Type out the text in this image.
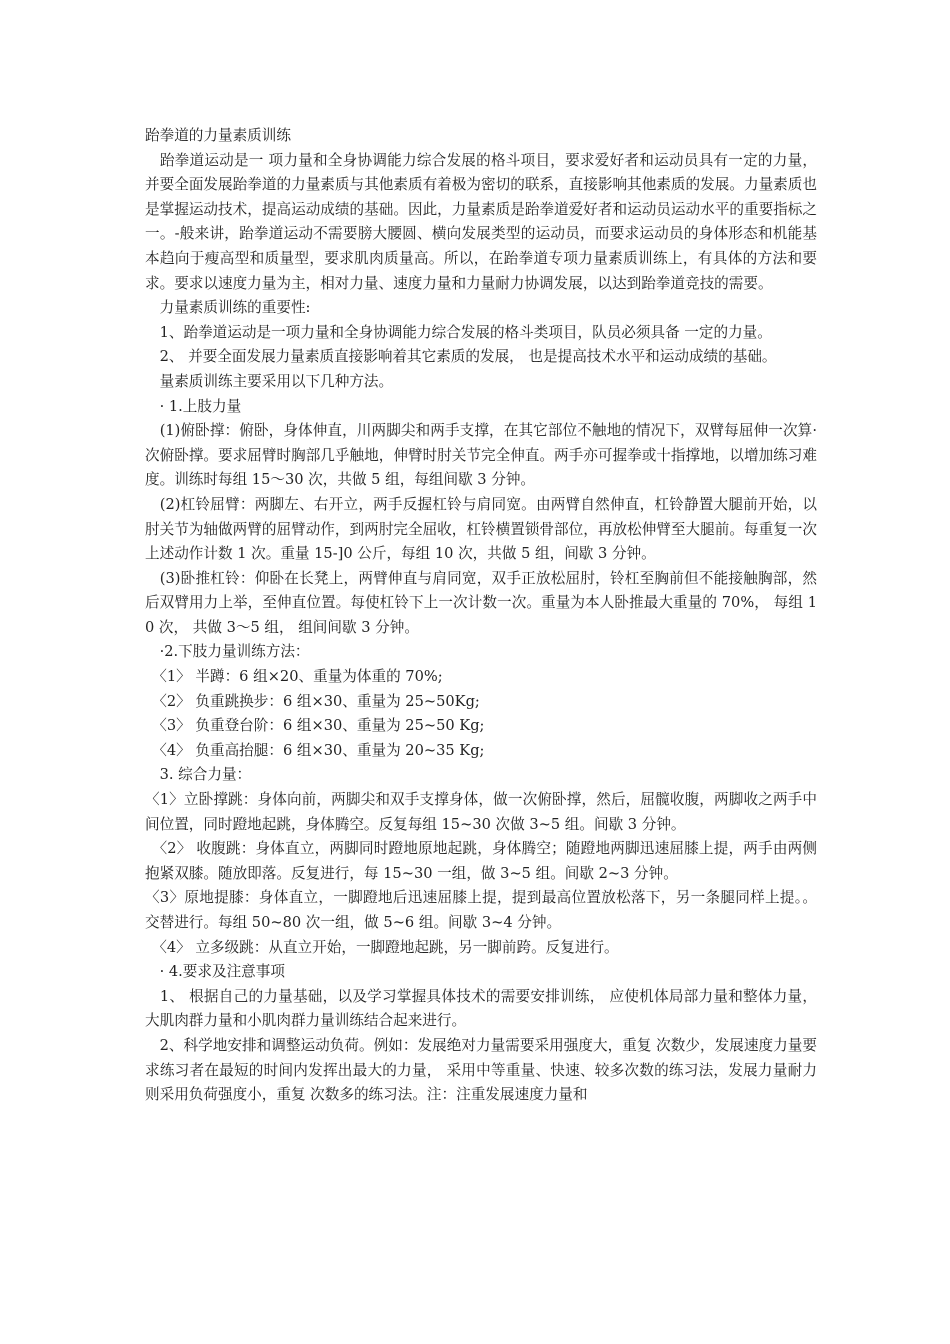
跆拳道的力量素质训练

　跆拳道运动是一 项力量和全身协调能力综合发展的格斗项目，要求爱好者和运动员具有一定的力量，并要全面发展跆拳道的力量素质与其他素质有着极为密切的联系，直接影响其他素质的发展。力量素质也是掌握运动技术，提高运动成绩的基础。因此，力量素质是跆拳道爱好者和运动员运动水平的重要指标之一。-般来讲，跆拳道运动不需要膀大腰圆、横向发展类型的运动员，而要求运动员的身体形态和机能基本趋向于瘦高型和质量型，要求肌肉质量高。所以，在跆拳道专项力量素质训练上，有具体的方法和要求。要求以速度力量为主，相对力量、速度力量和力量耐力协调发展，以达到跆拳道竞技的需要。

　力量素质训练的重要性:

　1、跆拳道运动是一项力量和全身协调能力综合发展的格斗类项目，队员必须具备 一定的力量。

　2、 并要全面发展力量素质直接影响着其它素质的发展， 也是提高技术水平和运动成绩的基础。

　量素质训练主要采用以下几种方法。

　· 1.上肢力量

　(1)俯卧撑：俯卧，身体伸直，川两脚尖和两手支撑，在其它部位不触地的情况下，双臂每屈伸一次算·次俯卧撑。要求屈臂时胸部几乎触地，伸臂时肘关节完全伸直。两手亦可握拳或十指撑地，以增加练习难度。训练时每组 15～30 次，共做 5 组，每组间歇 3 分钟。

　(2)杠铃屈臂：两脚左、右开立，两手反握杠铃与肩同宽。由两臂自然伸直，杠铃静置大腿前开始，以肘关节为轴做两臂的屈臂动作，到两肘完全屈收，杠铃横置锁骨部位，再放松伸臂至大腿前。每重复一次上述动作计数 1 次。重量 15-]0 公斤，每组 10 次，共做 5 组，间歇 3 分钟。

　(3)卧推杠铃：仰卧在长凳上，两臂伸直与肩同宽，双手正放松屈肘，铃杠至胸前但不能接触胸部，然后双臂用力上举，至伸直位置。每使杠铃下上一次计数一次。重量为本人卧推最大重量的 70%， 每组 10 次， 共做 3～5 组， 组间间歇 3 分钟。

　·2.下肢力量训练方法：

　〈1〉 半蹲：6 组×20、重量为体重的 70%;

　〈2〉 负重跳换步：6 组×30、重量为 25~50Kg;

　〈3〉 负重登台阶：6 组×30、重量为 25~50 Kg;

　〈4〉 负重高抬腿：6 组×30、重量为 20~35 Kg;

　3. 综合力量：

〈1〉立卧撑跳：身体向前，两脚尖和双手支撑身体，做一次俯卧撑，然后，屈髋收腹，两脚收之两手中间位置，同时蹬地起跳，身体腾空。反复每组 15~30 次做 3~5 组。间歇 3 分钟。

　〈2〉 收腹跳：身体直立，两脚同时蹬地原地起跳，身体腾空；随蹬地两脚迅速屈膝上提，两手由两侧抱紧双膝。随放即落。反复进行，每 15~30 一组，做 3~5 组。间歇 2~3 分钟。

〈3〉原地提膝：身体直立，一脚蹬地后迅速屈膝上提，提到最高位置放松落下，另一条腿同样上提。。交替进行。每组 50~80 次一组，做 5~6 组。间歇 3~4 分钟。

　〈4〉 立多级跳：从直立开始，一脚蹬地起跳，另一脚前跨。反复进行。

　· 4.要求及注意事项

　1、 根据自己的力量基础，以及学习掌握具体技术的需要安排训练， 应使机体局部力量和整体力量， 大肌肉群力量和小肌肉群力量训练结合起来进行。

　2、科学地安排和调整运动负荷。例如：发展绝对力量需要采用强度大，重复 次数少，发展速度力量要求练习者在最短的时间内发挥出最大的力量， 采用中等重量、快速、较多次数的练习法，发展力量耐力则采用负荷强度小，重复 次数多的练习法。注：注重发展速度力量和
